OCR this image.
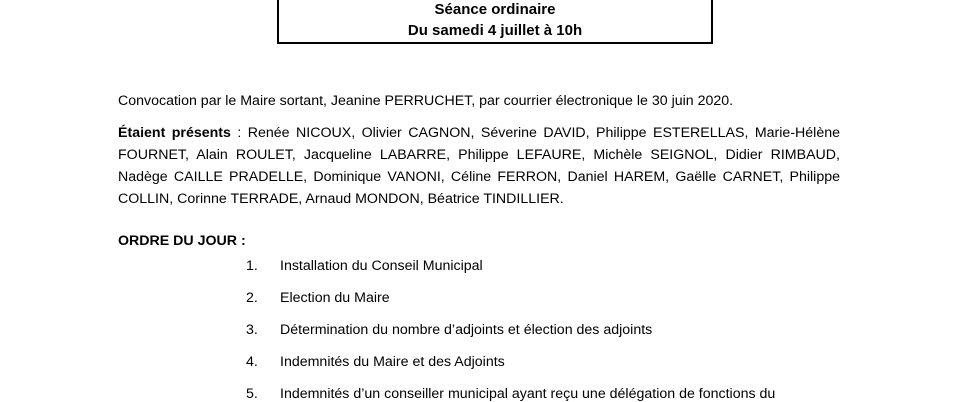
Séance ordinaire
Du samedi 4 juillet à 10h
Convocation par le Maire sortant, Jeanine PERRUCHET, par courrier électronique le 30 juin 2020.
Étaient présents : Renée NICOUX, Olivier CAGNON, Séverine DAVID, Philippe ESTERELLAS, Marie-Hélène FOURNET, Alain ROULET, Jacqueline LABARRE, Philippe LEFAURE, Michèle SEIGNOL, Didier RIMBAUD, Nadège CAILLE PRADELLE, Dominique VANONI, Céline FERRON, Daniel HAREM, Gaëlle CARNET, Philippe COLLIN, Corinne TERRADE, Arnaud MONDON, Béatrice TINDILLIER.
ORDRE DU JOUR :
1. Installation du Conseil Municipal
2. Election du Maire
3. Détermination du nombre d’adjoints et élection des adjoints
4. Indemnités du Maire et des Adjoints
5. Indemnités d’un conseiller municipal ayant reçu une délégation de fonctions du
